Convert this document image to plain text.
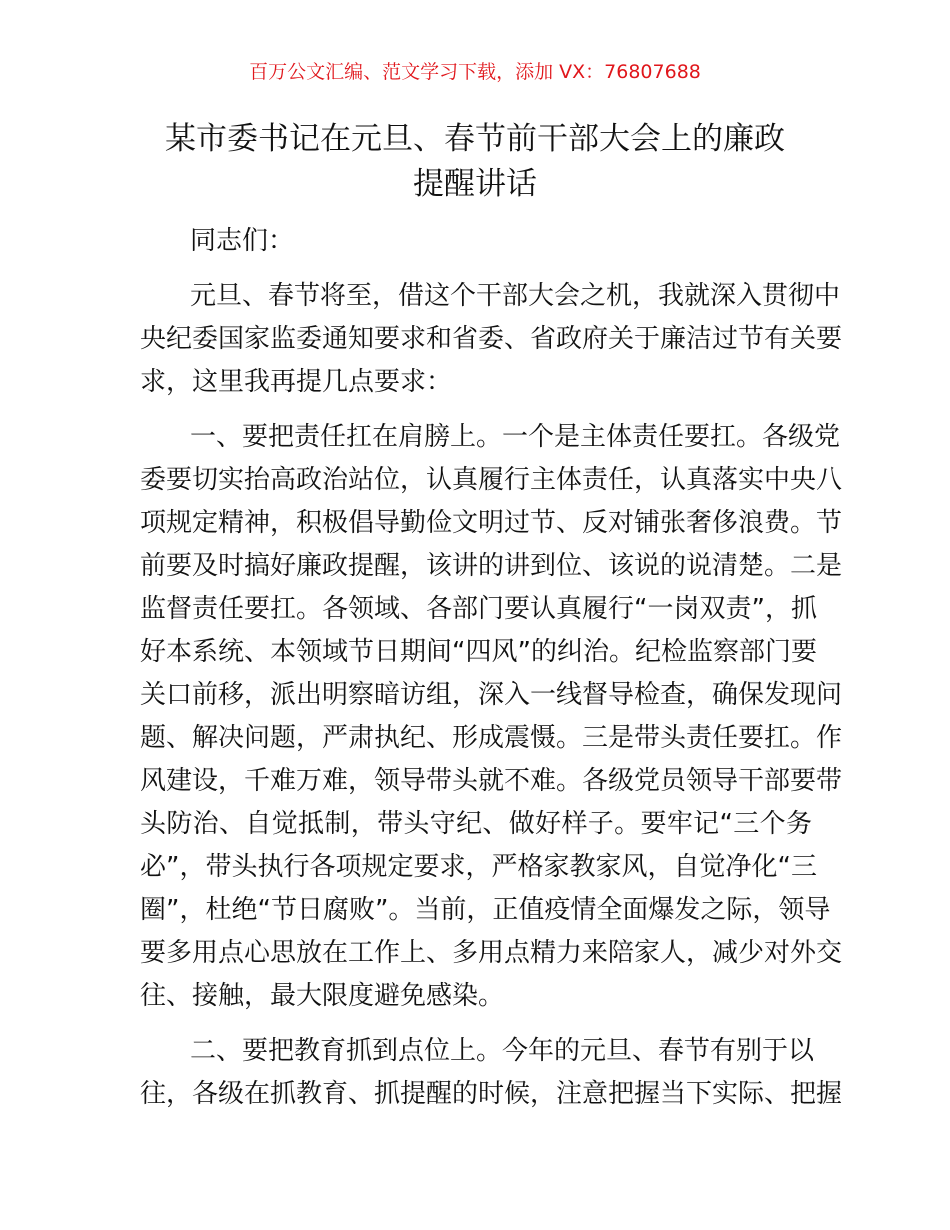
百万公文汇编、范文学习下载，添加 VX：76807688
某市委书记在元旦、春节前干部大会上的廉政
提醒讲话
同志们：
元旦、春节将至，借这个干部大会之机，我就深入贯彻中
央纪委国家监委通知要求和省委、省政府关于廉洁过节有关要
求，这里我再提几点要求：
一、要把责任扛在肩膀上。一个是主体责任要扛。各级党
委要切实抬高政治站位，认真履行主体责任，认真落实中央八
项规定精神，积极倡导勤俭文明过节、反对铺张奢侈浪费。节
前要及时搞好廉政提醒，该讲的讲到位、该说的说清楚。二是
监督责任要扛。各领域、各部门要认真履行“一岗双责”，抓
好本系统、本领域节日期间“四风”的纠治。纪检监察部门要
关口前移，派出明察暗访组，深入一线督导检查，确保发现问
题、解决问题，严肃执纪、形成震慑。三是带头责任要扛。作
风建设，千难万难，领导带头就不难。各级党员领导干部要带
头防治、自觉抵制，带头守纪、做好样子。要牢记“三个务
必”，带头执行各项规定要求，严格家教家风，自觉净化“三
圈”，杜绝“节日腐败”。当前，正值疫情全面爆发之际，领导
要多用点心思放在工作上、多用点精力来陪家人，减少对外交
往、接触，最大限度避免感染。
二、要把教育抓到点位上。今年的元旦、春节有别于以
往，各级在抓教育、抓提醒的时候，注意把握当下实际、把握
